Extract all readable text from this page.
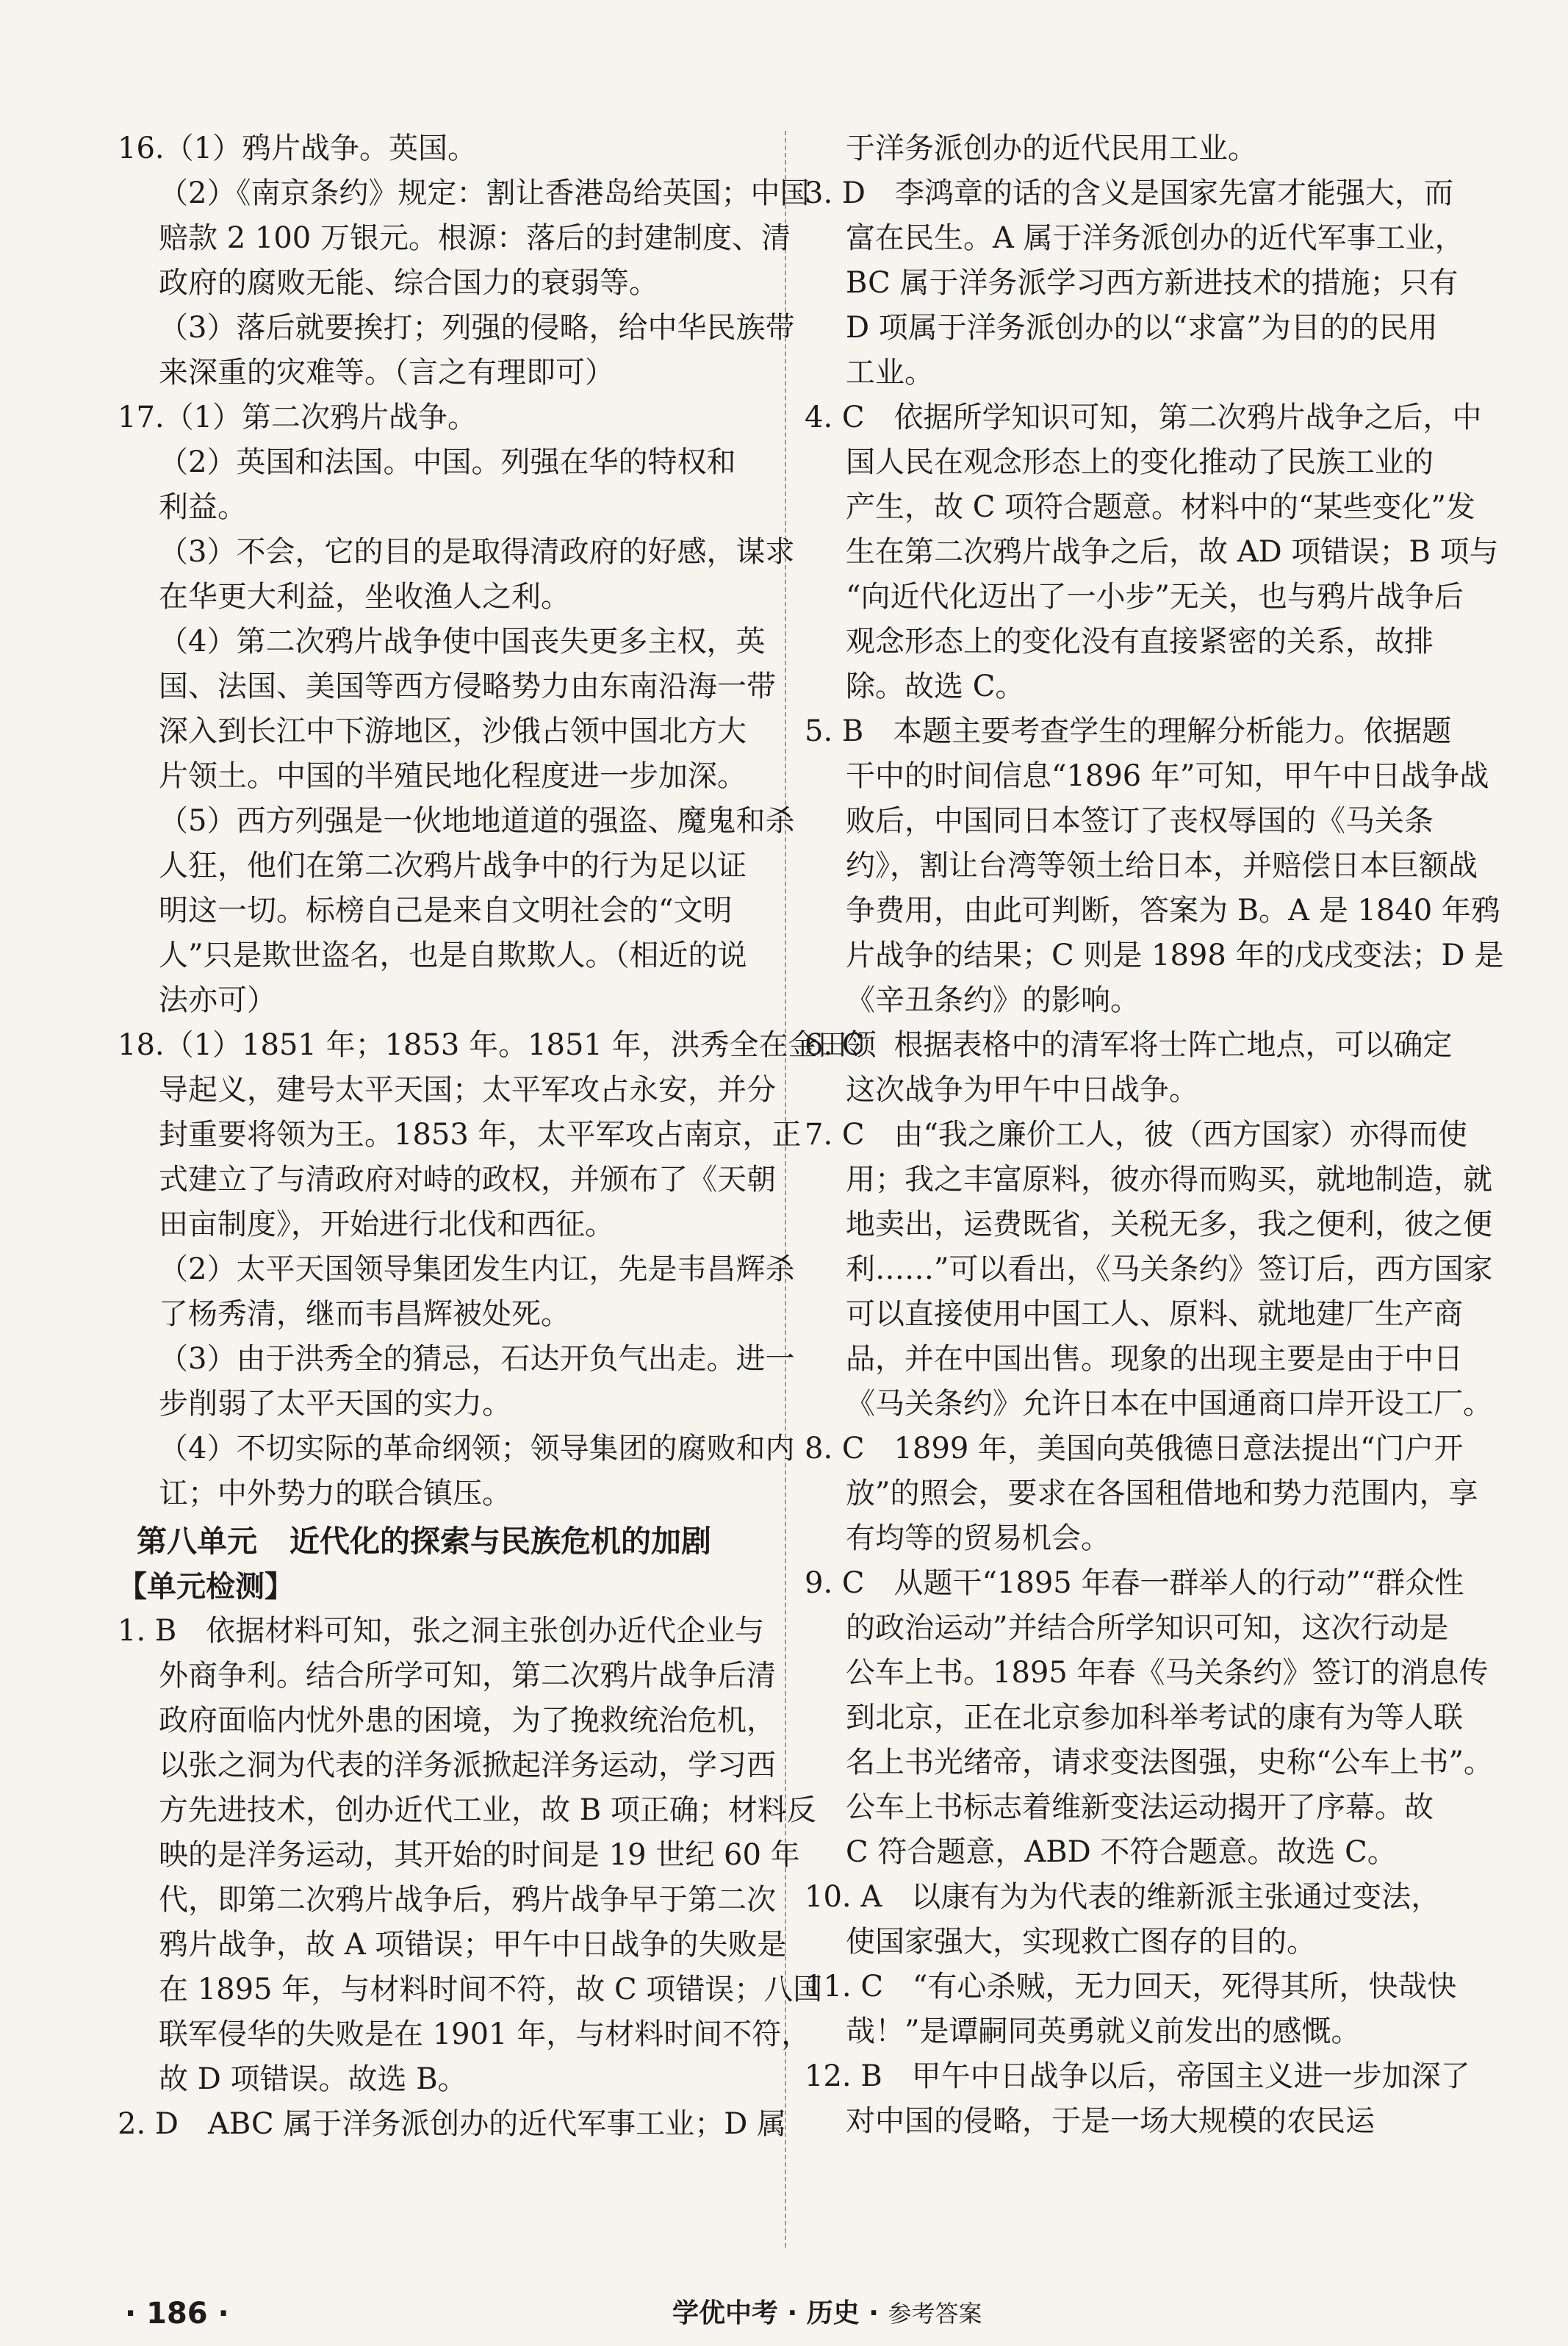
16.（1）鸦片战争。英国。
（2）《南京条约》规定：割让香港岛给英国；中国
赔款 2 100 万银元。根源：落后的封建制度、清
政府的腐败无能、综合国力的衰弱等。
（3）落后就要挨打；列强的侵略，给中华民族带
来深重的灾难等。（言之有理即可）
17.（1）第二次鸦片战争。
（2）英国和法国。中国。列强在华的特权和
利益。
（3）不会，它的目的是取得清政府的好感，谋求
在华更大利益，坐收渔人之利。
（4）第二次鸦片战争使中国丧失更多主权，英
国、法国、美国等西方侵略势力由东南沿海一带
深入到长江中下游地区，沙俄占领中国北方大
片领土。中国的半殖民地化程度进一步加深。
（5）西方列强是一伙地地道道的强盗、魔鬼和杀
人狂，他们在第二次鸦片战争中的行为足以证
明这一切。标榜自己是来自文明社会的“文明
人”只是欺世盗名，也是自欺欺人。（相近的说
法亦可）
18.（1）1851 年；1853 年。1851 年，洪秀全在金田领
导起义，建号太平天国；太平军攻占永安，并分
封重要将领为王。1853 年，太平军攻占南京，正
式建立了与清政府对峙的政权，并颁布了《天朝
田亩制度》，开始进行北伐和西征。
（2）太平天国领导集团发生内讧，先是韦昌辉杀
了杨秀清，继而韦昌辉被处死。
（3）由于洪秀全的猜忌，石达开负气出走。进一
步削弱了太平天国的实力。
（4）不切实际的革命纲领；领导集团的腐败和内
讧；中外势力的联合镇压。
第八单元 近代化的探索与民族危机的加剧
【单元检测】
1. B　依据材料可知，张之洞主张创办近代企业与
外商争利。结合所学可知，第二次鸦片战争后清
政府面临内忧外患的困境，为了挽救统治危机，
以张之洞为代表的洋务派掀起洋务运动，学习西
方先进技术，创办近代工业，故 B 项正确；材料反
映的是洋务运动，其开始的时间是 19 世纪 60 年
代，即第二次鸦片战争后，鸦片战争早于第二次
鸦片战争，故 A 项错误；甲午中日战争的失败是
在 1895 年，与材料时间不符，故 C 项错误；八国
联军侵华的失败是在 1901 年，与材料时间不符，
故 D 项错误。故选 B。
2. D　ABC 属于洋务派创办的近代军事工业；D 属
于洋务派创办的近代民用工业。
3. D　李鸿章的话的含义是国家先富才能强大，而
富在民生。A 属于洋务派创办的近代军事工业，
BC 属于洋务派学习西方新进技术的措施；只有
D 项属于洋务派创办的以“求富”为目的的民用
工业。
4. C　依据所学知识可知，第二次鸦片战争之后，中
国人民在观念形态上的变化推动了民族工业的
产生，故 C 项符合题意。材料中的“某些变化”发
生在第二次鸦片战争之后，故 AD 项错误；B 项与
“向近代化迈出了一小步”无关，也与鸦片战争后
观念形态上的变化没有直接紧密的关系，故排
除。故选 C。
5. B　本题主要考查学生的理解分析能力。依据题
干中的时间信息“1896 年”可知，甲午中日战争战
败后，中国同日本签订了丧权辱国的《马关条
约》，割让台湾等领土给日本，并赔偿日本巨额战
争费用，由此可判断，答案为 B。A 是 1840 年鸦
片战争的结果；C 则是 1898 年的戊戌变法；D 是
《辛丑条约》的影响。
6. C　根据表格中的清军将士阵亡地点，可以确定
这次战争为甲午中日战争。
7. C　由“我之廉价工人，彼（西方国家）亦得而使
用；我之丰富原料，彼亦得而购买，就地制造，就
地卖出，运费既省，关税无多，我之便利，彼之便
利……”可以看出，《马关条约》签订后，西方国家
可以直接使用中国工人、原料、就地建厂生产商
品，并在中国出售。现象的出现主要是由于中日
《马关条约》允许日本在中国通商口岸开设工厂。
8. C　1899 年，美国向英俄德日意法提出“门户开
放”的照会，要求在各国租借地和势力范围内，享
有均等的贸易机会。
9. C　从题干“1895 年春一群举人的行动”“群众性
的政治运动”并结合所学知识可知，这次行动是
公车上书。1895 年春《马关条约》签订的消息传
到北京，正在北京参加科举考试的康有为等人联
名上书光绪帝，请求变法图强，史称“公车上书”。
公车上书标志着维新变法运动揭开了序幕。故
C 符合题意，ABD 不符合题意。故选 C。
10. A　以康有为为代表的维新派主张通过变法，
使国家强大，实现救亡图存的目的。
11. C　“有心杀贼，无力回天，死得其所，快哉快
哉！”是谭嗣同英勇就义前发出的感慨。
12. B　甲午中日战争以后，帝国主义进一步加深了
对中国的侵略，于是一场大规模的农民运
· 186 ·	学优中考 · 历史 · 参考答案
